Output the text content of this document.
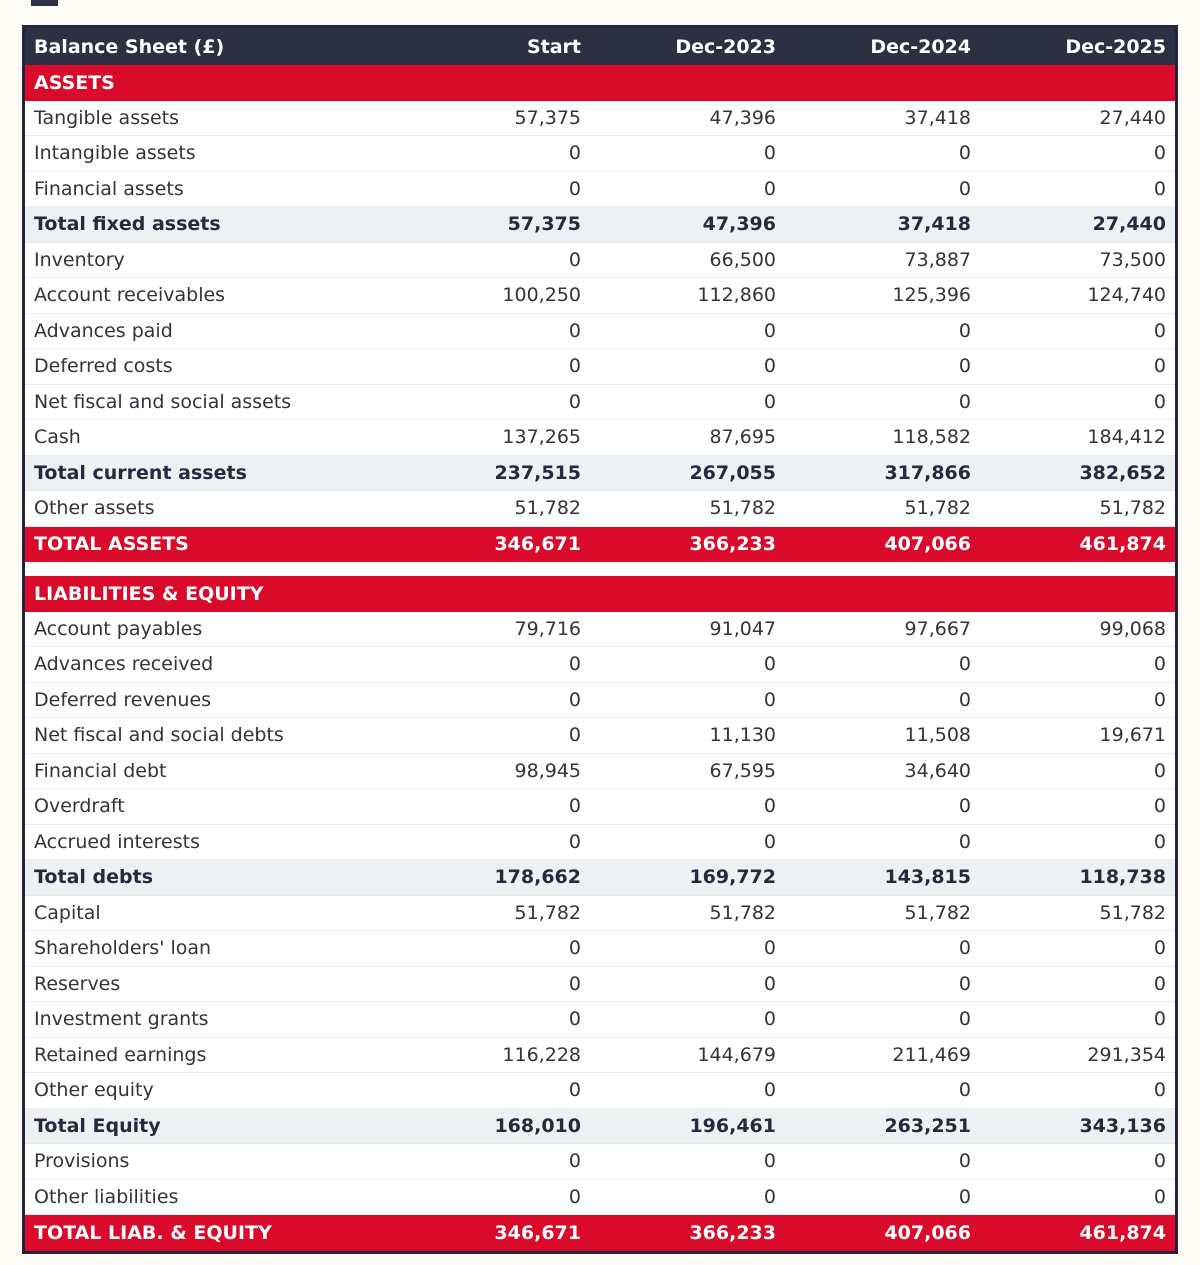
Balance Sheet (£)	Start	Dec-2023	Dec-2024	Dec-2025
ASSETS
Tangible assets	57,375	47,396	37,418	27,440
Intangible assets	0	0	0	0
Financial assets	0	0	0	0
Total fixed assets	57,375	47,396	37,418	27,440
Inventory	0	66,500	73,887	73,500
Account receivables	100,250	112,860	125,396	124,740
Advances paid	0	0	0	0
Deferred costs	0	0	0	0
Net fiscal and social assets	0	0	0	0
Cash	137,265	87,695	118,582	184,412
Total current assets	237,515	267,055	317,866	382,652
Other assets	51,782	51,782	51,782	51,782
TOTAL ASSETS	346,671	366,233	407,066	461,874
LIABILITIES & EQUITY
Account payables	79,716	91,047	97,667	99,068
Advances received	0	0	0	0
Deferred revenues	0	0	0	0
Net fiscal and social debts	0	11,130	11,508	19,671
Financial debt	98,945	67,595	34,640	0
Overdraft	0	0	0	0
Accrued interests	0	0	0	0
Total debts	178,662	169,772	143,815	118,738
Capital	51,782	51,782	51,782	51,782
Shareholders' loan	0	0	0	0
Reserves	0	0	0	0
Investment grants	0	0	0	0
Retained earnings	116,228	144,679	211,469	291,354
Other equity	0	0	0	0
Total Equity	168,010	196,461	263,251	343,136
Provisions	0	0	0	0
Other liabilities	0	0	0	0
TOTAL LIAB. & EQUITY	346,671	366,233	407,066	461,874
